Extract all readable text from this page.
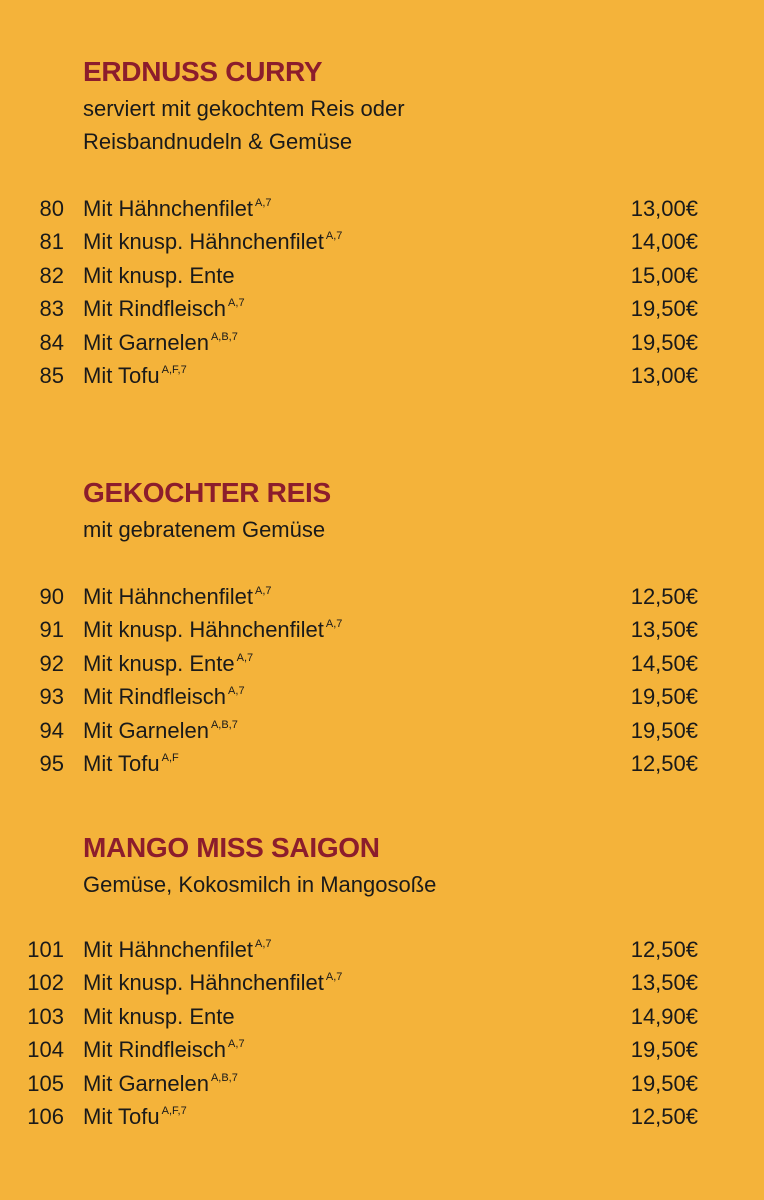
ERDNUSS CURRY

serviert mit gekochtem Reis oder

Reisbandnudeln & Gemüse

80 Mit Hähnchenfilet $^{A,7}$	13,00€
81 Mit knusp. Hähnchenfilet $^{A,7}$	14,00€
82 Mit knusp. Ente	15,00€
83 Mit Rindfleisch $^{A,7}$	19,50€
84 Mit Garnelen $^{A,B,7}$	19,50€
85 Mit Tofu $^{A,F,7}$	13,00€
GEKOCHTER REIS

mit gebratenem Gemüse

90 Mit Hähnchenfilet $^{A,7}$	12,50€
91 Mit knusp. Hähnchenfilet $^{A,7}$	13,50€
92 Mit knusp. Ente $^{A,7}$	14,50€
93 Mit Rindfleisch $^{A,7}$	19,50€
94 Mit Garnelen $^{A,B,7}$	19,50€
95 Mit Tofu $^{A,F}$	12,50€
MANGO MISS SAIGON

Gemüse, Kokosmilch in Mangosoße

101 Mit Hähnchenfilet $^{A,7}$	12,50€
102 Mit knusp. Hähnchenfilet $^{A,7}$	13,50€
103 Mit knusp. Ente	14,90€
104 Mit Rindfleisch $^{A,7}$	19,50€
105 Mit Garnelen $^{A,B,7}$	19,50€
106 Mit Tofu $^{A,F,7}$	12,50€
